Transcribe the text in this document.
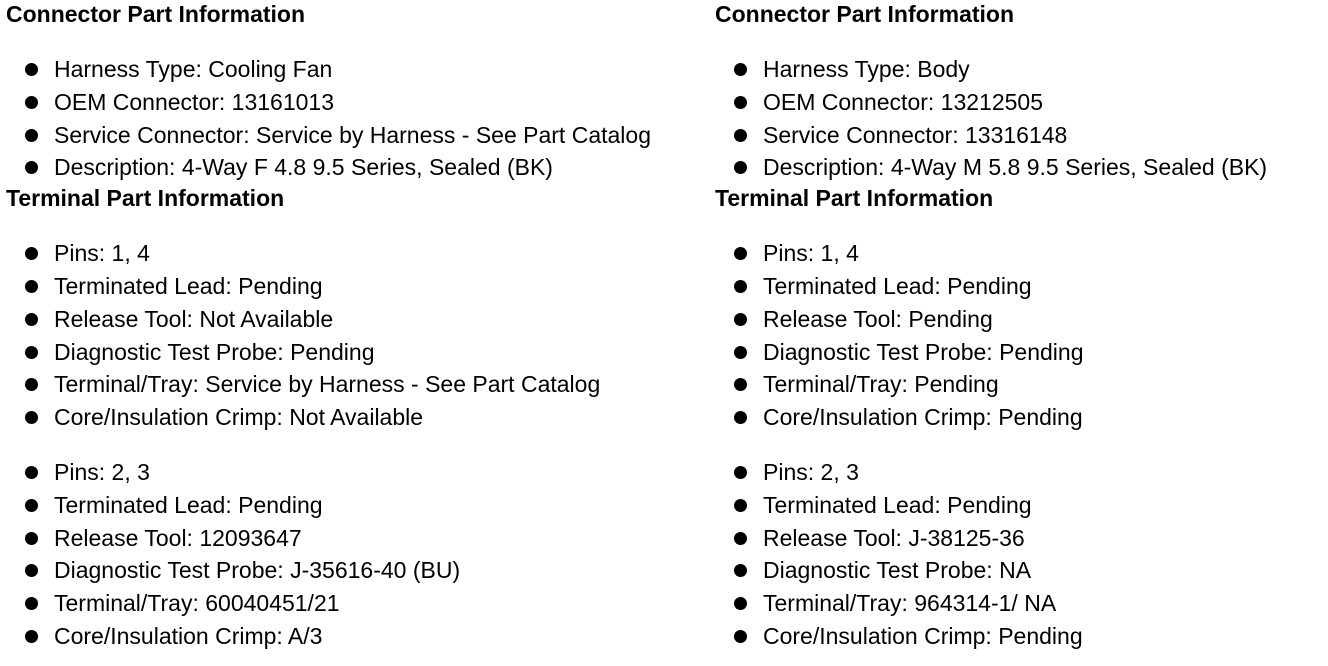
Connector Part Information
Harness Type: Cooling Fan
OEM Connector: 13161013
Service Connector: Service by Harness - See Part Catalog
Description: 4-Way F 4.8 9.5 Series, Sealed (BK)
Terminal Part Information
Pins: 1, 4
Terminated Lead: Pending
Release Tool: Not Available
Diagnostic Test Probe: Pending
Terminal/Tray: Service by Harness - See Part Catalog
Core/Insulation Crimp: Not Available
Pins: 2, 3
Terminated Lead: Pending
Release Tool: 12093647
Diagnostic Test Probe: J-35616-40 (BU)
Terminal/Tray: 60040451/21
Core/Insulation Crimp: A/3
Connector Part Information
Harness Type: Body
OEM Connector: 13212505
Service Connector: 13316148
Description: 4-Way M 5.8 9.5 Series, Sealed (BK)
Terminal Part Information
Pins: 1, 4
Terminated Lead: Pending
Release Tool: Pending
Diagnostic Test Probe: Pending
Terminal/Tray: Pending
Core/Insulation Crimp: Pending
Pins: 2, 3
Terminated Lead: Pending
Release Tool: J-38125-36
Diagnostic Test Probe: NA
Terminal/Tray: 964314-1/ NA
Core/Insulation Crimp: Pending
